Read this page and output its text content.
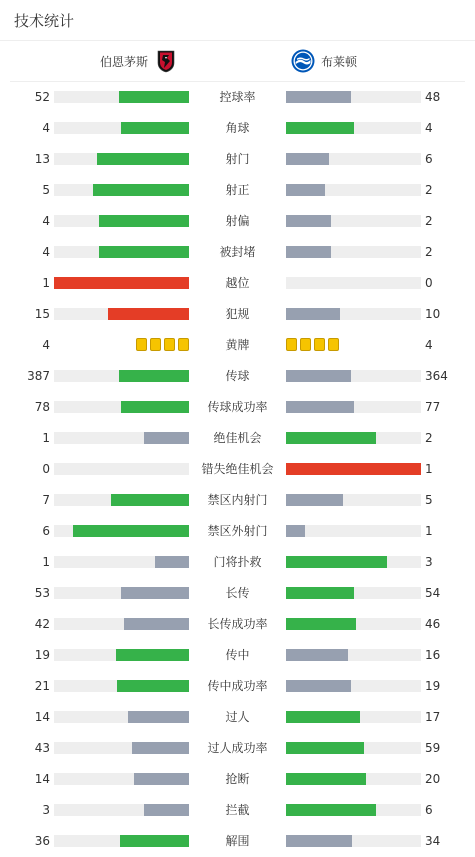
技术统计
伯恩茅斯	布莱顿
52	控球率	48
4	角球	4
13	射门	6
5	射正	2
4	射偏	2
4	被封堵	2
1	越位	0
15	犯规	10
4	黄牌	4
387	传球	364
78	传球成功率	77
1	绝佳机会	2
0	错失绝佳机会	1
7	禁区内射门	5
6	禁区外射门	1
1	门将扑救	3
53	长传	54
42	长传成功率	46
19	传中	16
21	传中成功率	19
14	过人	17
43	过人成功率	59
14	抢断	20
3	拦截	6
36	解围	34
